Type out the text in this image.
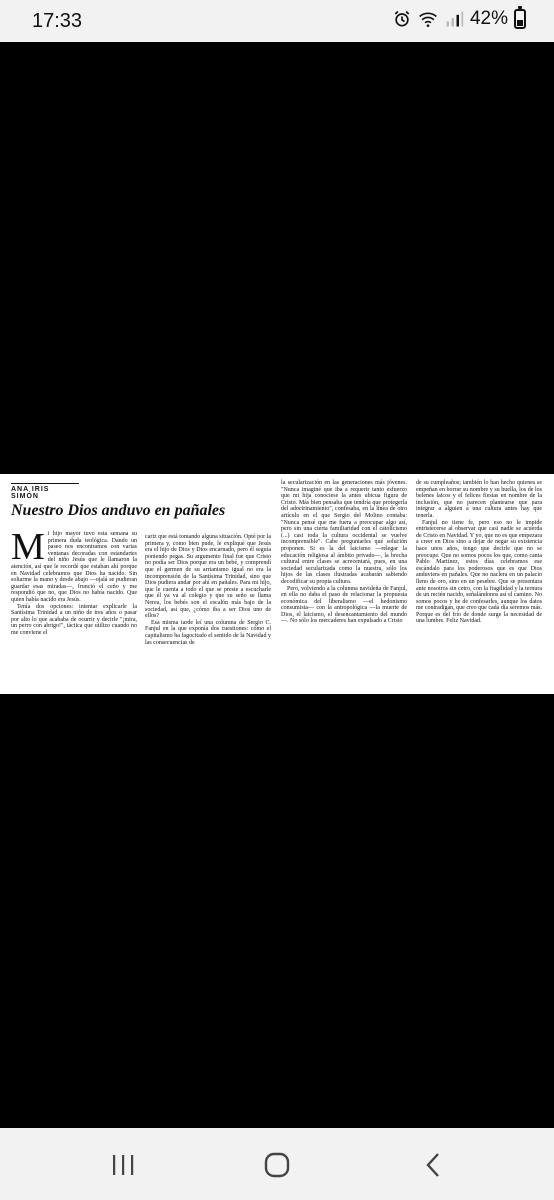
17:33	42%
ANA IRIS SIMÓN
Nuestro Dios anduvo en pañales

Mi hijo mayor tuvo esta semana su primera duda teológica. Dando un paseo nos encontramos con varias ventanas decoradas con estandartes del niño Jesús que le llamaron la atención, así que le recordé que estaban ahí porque en Navidad celebramos que Dios ha nacido. Sin soltarme la mano y desde abajo —ojalá se pudieran guardar esas miradas—, frunció el ceño y me respondió que no, que Dios no había nacido. Que quien había nacido era Jesús.

Tenía dos opciones: intentar explicarle la Santísima Trinidad a un niño de tres años o pasar por alto lo que acababa de ocurrir y decirle "¡mira, un perro con abrigo!", táctica que utilizo cuando no me conviene el

cariz que está tomando alguna situación. Opté por la primera y, como bien pude, le expliqué que Jesús era el hijo de Dios y Dios encarnado, pero él seguía poniendo pegas. Su argumento final fue que Cristo no podía ser Dios porque era un bebé, y comprendí que el germen de su arrianismo igual no era la incomprensión de la Santísima Trinidad, sino que Dios pudiera andar por ahí en pañales. Para mi hijo, que le cuenta a todo el que se preste a escucharle que él ya va al colegio y que su seño se llama Nerea, los bebés son el escalón más bajo de la sociedad, así que, ¿cómo iba a ser Dios uno de ellos?

Esa misma tarde leí una columna de Sergio C. Fanjul en la que exponía dos cuestiones: cómo el capitalismo ha fagocitado el sentido de la Navidad y las consecuencias de

la secularización en las generaciones más jóvenes. "Nunca imaginé que iba a requerir tanto esfuerzo que mi hija conociese la antes ubicua figura de Cristo. Más bien pensaba que tendría que protegerla del adoctrinamiento", confesaba, en la línea de otro artículo en el que Sergio del Molino contaba: "Nunca pensé que me fuera a preocupar algo así, pero sin una cierta familiaridad con el catolicismo (...) casi toda la cultura occidental se vuelve incomprensible". Cabe preguntarles qué solución proponen. Si es la del laicismo —relegar la educación religiosa al ámbito privado—, la brecha cultural entre clases se acrecentará, pues, en una sociedad secularizada como la nuestra, sólo los hijos de las clases ilustradas acabarán sabiendo decodificar su propia cultura.

Pero, volviendo a la columna navideña de Fanjul, en ella no daba el paso de relacionar la propuesta económica del liberalismo —el hedonismo consumista— con la antropológica —la muerte de Dios, el laicismo, el desencantamiento del mundo—. No sólo los mercaderes han expulsado a Cristo

de su cumpleaños; también lo han hecho quienes se empeñan en borrar su nombre y su huella, los de los belenes laicos y el felices fiestas en nombre de la inclusión, que no parecen plantearse que para integrar a alguien a una cultura antes hay que tenerla.

Fanjul no tiene fe, pero eso no le impide entristecerse al observar que casi nadie se acuerda de Cristo en Navidad. Y yo, que no es que empezara a creer en Dios sino a dejar de negar su existencia hace unos años, tengo que decirle que no se preocupe. Que no somos pocos los que, como canta Pablo Martínez, estos días celebramos ese escándalo para los poderosos que es que Dios anduviera en pañales. Que no naciera en un palacio lleno de oro, sino en un pesebre. Que se presentara ante nosotros sin cetro, con la fragilidad y la ternura de un recién nacido, señalándonos así el camino. No somos pocos y he de confesarles, aunque los datos me contradigan, que creo que cada día seremos más. Porque es del frío de donde surge la necesidad de una lumbre. Feliz Navidad.
